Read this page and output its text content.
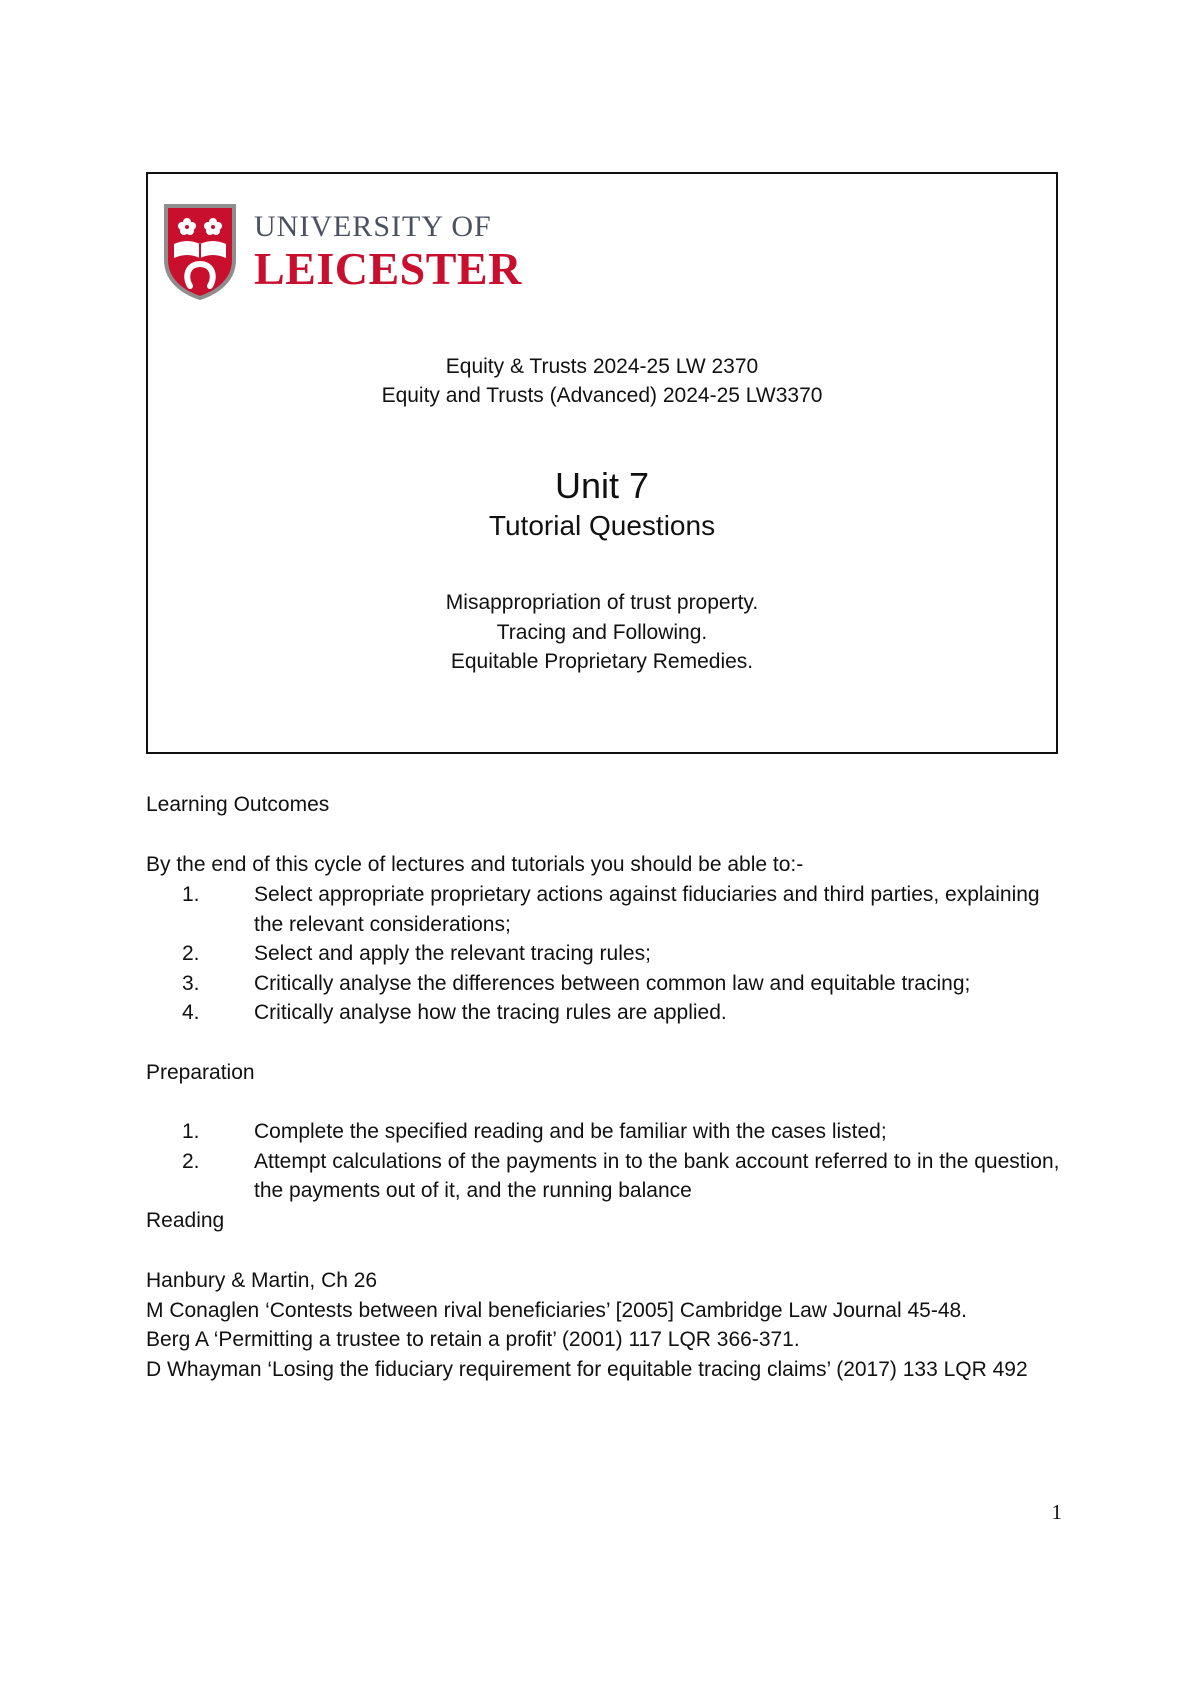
UNIVERSITY OF
LEICESTER
Equity & Trusts 2024-25 LW 2370
Equity and Trusts (Advanced) 2024-25 LW3370
Unit 7
Tutorial Questions
Misappropriation of trust property.
Tracing and Following.
Equitable Proprietary Remedies.
Learning Outcomes
By the end of this cycle of lectures and tutorials you should be able to:-
1.	Select appropriate proprietary actions against fiduciaries and third parties, explaining the relevant considerations;
2.	Select and apply the relevant tracing rules;
3.	Critically analyse the differences between common law and equitable tracing;
4.	Critically analyse how the tracing rules are applied.
Preparation
1.	Complete the specified reading and be familiar with the cases listed;
2.	Attempt calculations of the payments in to the bank account referred to in the question, the payments out of it, and the running balance
Reading
Hanbury & Martin, Ch 26
M Conaglen ‘Contests between rival beneficiaries’ [2005] Cambridge Law Journal 45-48.
Berg A ‘Permitting a trustee to retain a profit’ (2001) 117 LQR 366-371.
D Whayman ‘Losing the fiduciary requirement for equitable tracing claims’ (2017) 133 LQR 492
1
